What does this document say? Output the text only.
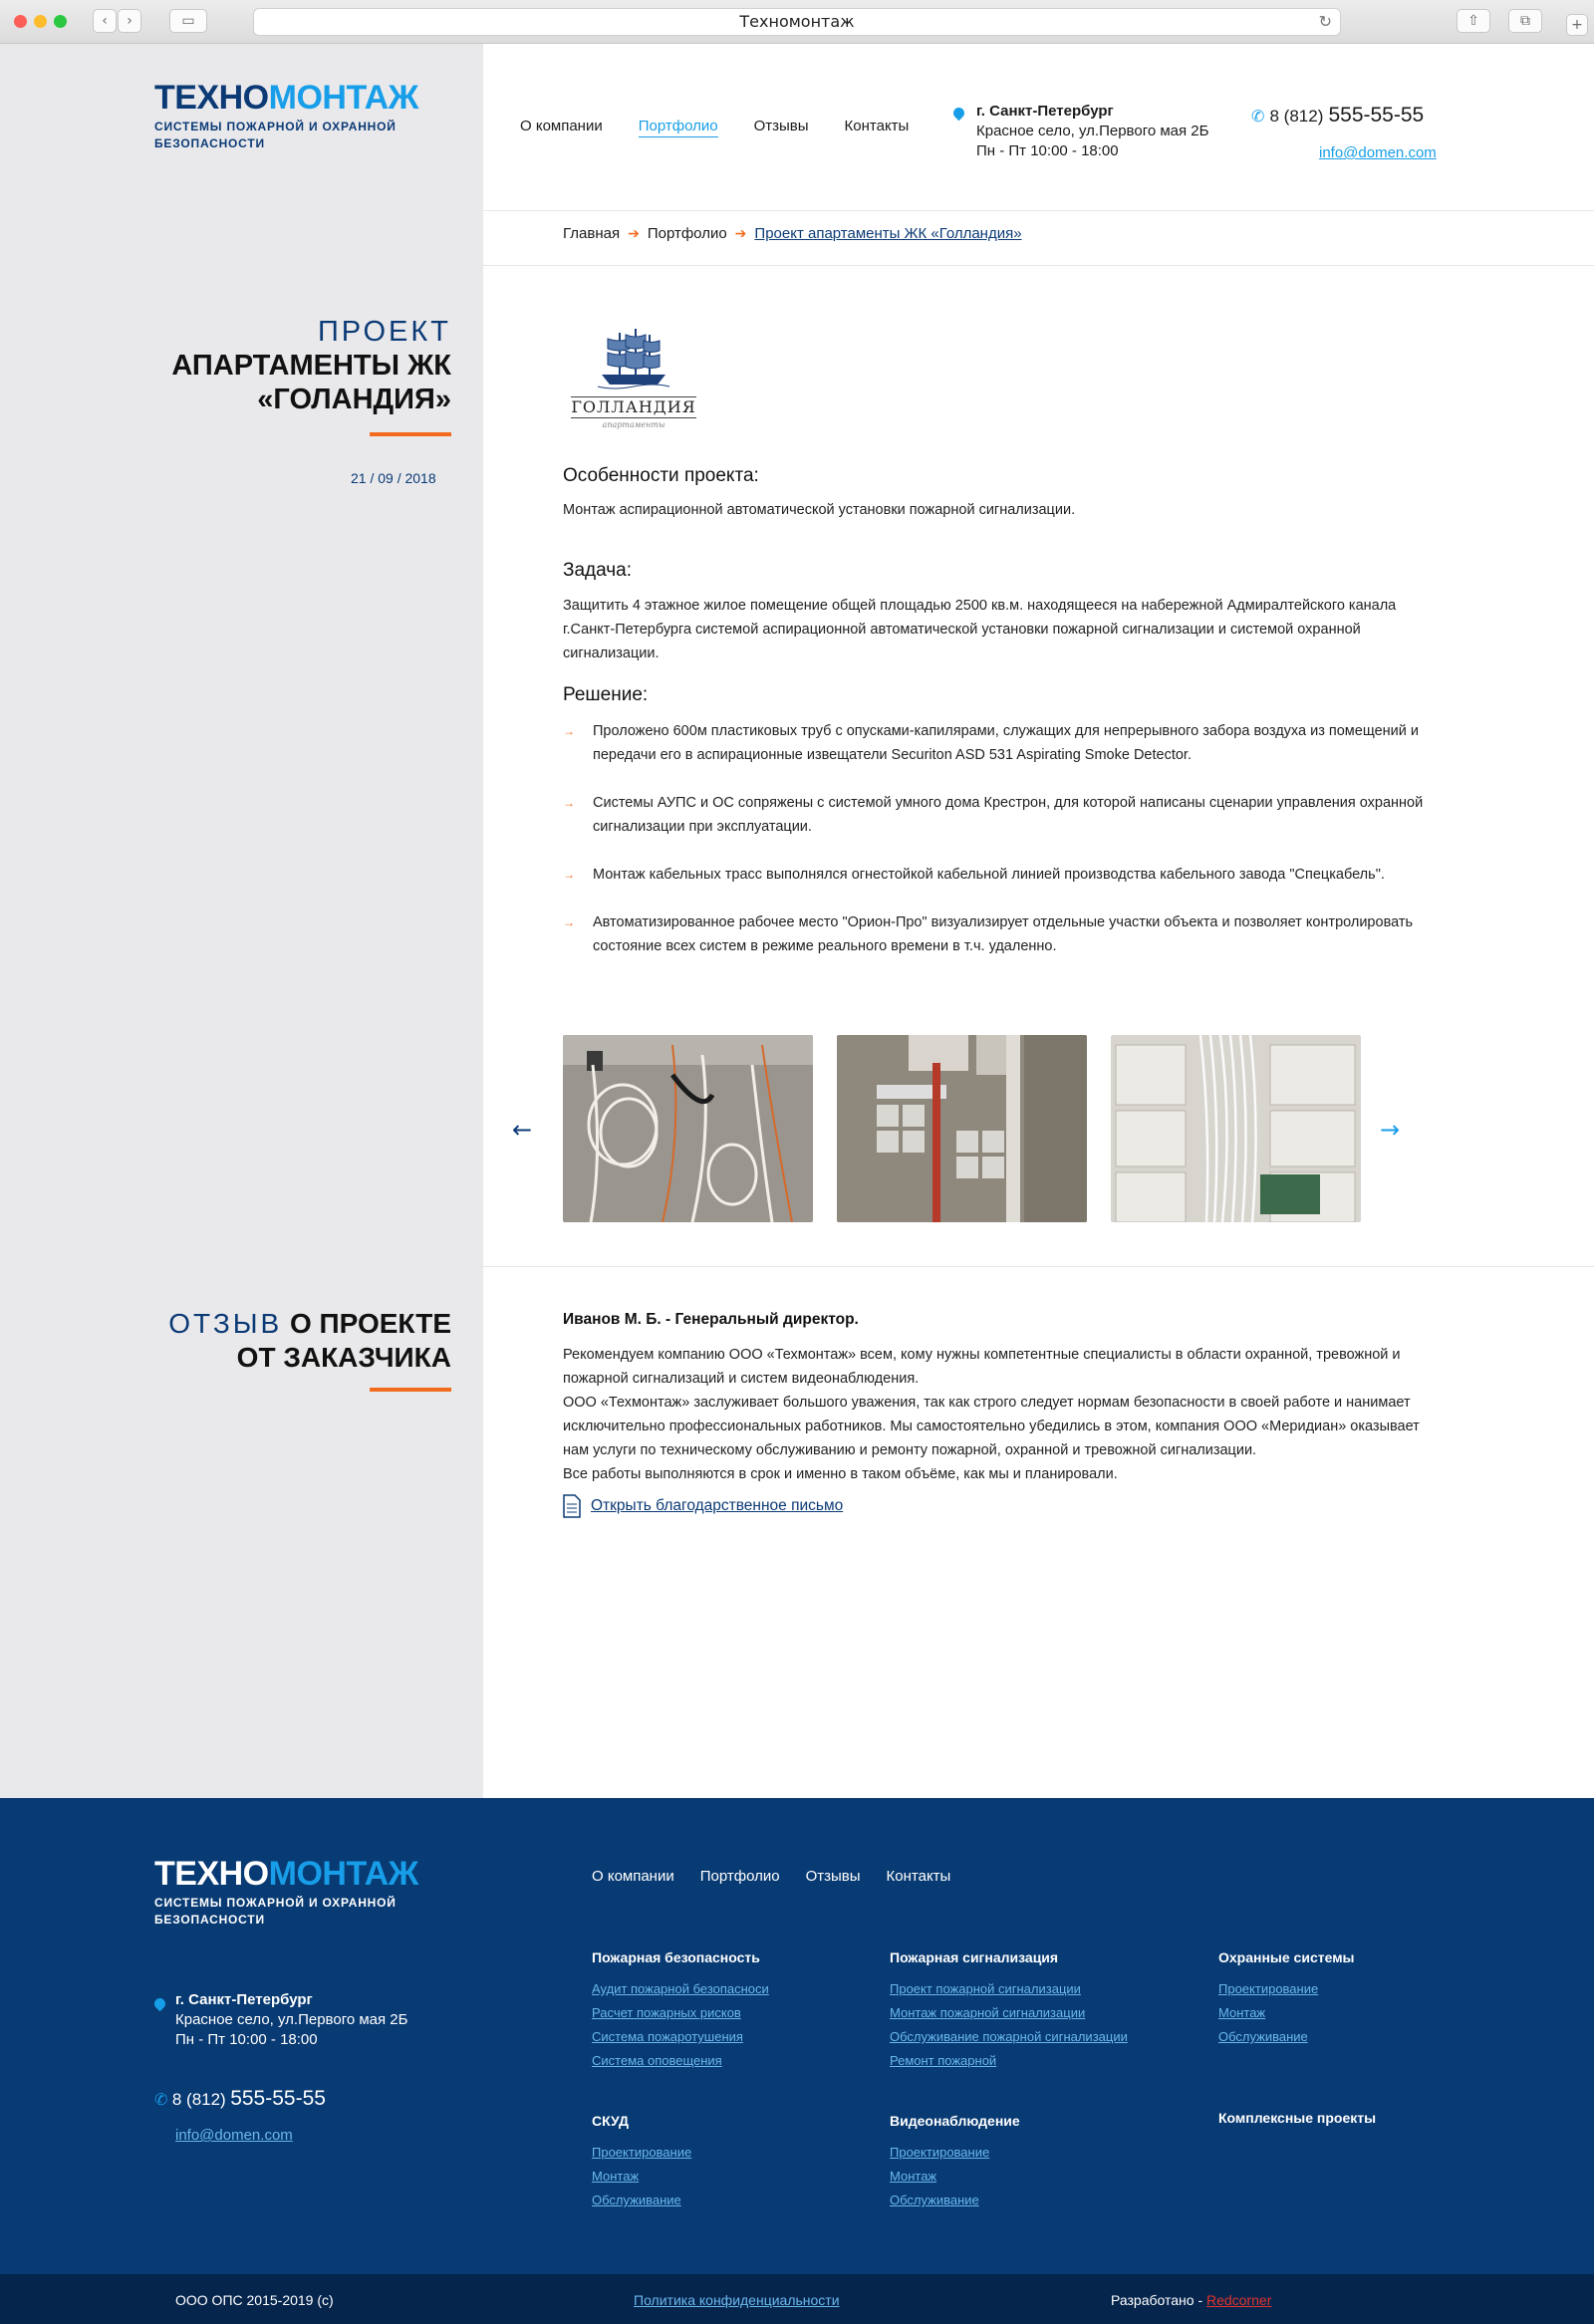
‹	›	▭	Техномонтаж	↻	⇧	⧉	+
ТЕХНОМОНТАЖ
СИСТЕМЫ ПОЖАРНОЙ И ОХРАННОЙ БЕЗОПАСНОСТИ
О компании Портфолио Отзывы Контакты
г. Санкт-Петербург
Красное село, ул.Первого мая 2Б
Пн - Пт 10:00 - 18:00
✆ 8 (812) 555-55-55
info@domen.com
Главная ➔ Портфолио ➔ Проект апартаменты ЖК «Голландия»
ПРОЕКТ
АПАРТАМЕНТЫ ЖК
«ГОЛАНДИЯ»
21 / 09 / 2018
ГОЛЛАНДИЯ
апартаменты
Особенности проекта:
Монтаж аспирационной автоматической установки пожарной сигнализации.
Задача:
Защитить 4 этажное жилое помещение общей площадью 2500 кв.м. находящееся на набережной Адмиралтейского канала г.Санкт-Петербурга системой аспирационной автоматической установки пожарной сигнализации и системой охранной сигнализации.
Решение:
→ Проложено 600м пластиковых труб с опусками-капилярами, служащих для непрерывного забора воздуха из помещений и передачи его в аспирационные извещатели Securiton ASD 531 Aspirating Smoke Detector.
→ Системы АУПС и ОС сопряжены с системой умного дома Крестрон, для которой написаны сценарии управления охранной сигнализации при эксплуатации.
→ Монтаж кабельных трасс выполнялся огнестойкой кабельной линией производства кабельного завода "Спецкабель".
→ Автоматизированное рабочее место "Орион-Про" визуализирует отдельные участки объекта и позволяет контролировать состояние всех систем в режиме реального времени в т.ч. удаленно.
←	→
ОТЗЫВ О ПРОЕКТЕ
ОТ ЗАКАЗЧИКА
Иванов М. Б. - Генеральный директор.
Рекомендуем компанию ООО «Техмонтаж» всем, кому нужны компетентные специалисты в области охранной, тревожной и пожарной сигнализаций и систем видеонаблюдения.
ООО «Техмонтаж» заслуживает большого уважения, так как строго следует нормам безопасности в своей работе и нанимает исключительно профессиональных работников. Мы самостоятельно убедились в этом, компания ООО «Меридиан» оказывает нам услуги по техническому обслуживанию и ремонту пожарной, охранной и тревожной сигнализации.
Все работы выполняются в срок и именно в таком объёме, как мы и планировали.
Открыть благодарственное письмо
ТЕХНОМОНТАЖ
СИСТЕМЫ ПОЖАРНОЙ И ОХРАННОЙ БЕЗОПАСНОСТИ
г. Санкт-Петербург
Красное село, ул.Первого мая 2Б
Пн - Пт 10:00 - 18:00
✆ 8 (812) 555-55-55
info@domen.com
О компании Портфолио Отзывы Контакты
Пожарная безопасность
Аудит пожарной безопасноси
Расчет пожарных рисков
Система пожаротушения
Система оповещения
Пожарная сигнализация
Проект пожарной сигнализации
Монтаж пожарной сигнализации
Обслуживание пожарной сигнализации
Ремонт пожарной
Охранные системы
Проектирование
Монтаж
Обслуживание
СКУД
Проектирование
Монтаж
Обслуживание
Видеонаблюдение
Проектирование
Монтаж
Обслуживание
Комплексные проекты
ООО ОПС 2015-2019 (c)	Политика конфиденциальности	Разработано - Redcorner
